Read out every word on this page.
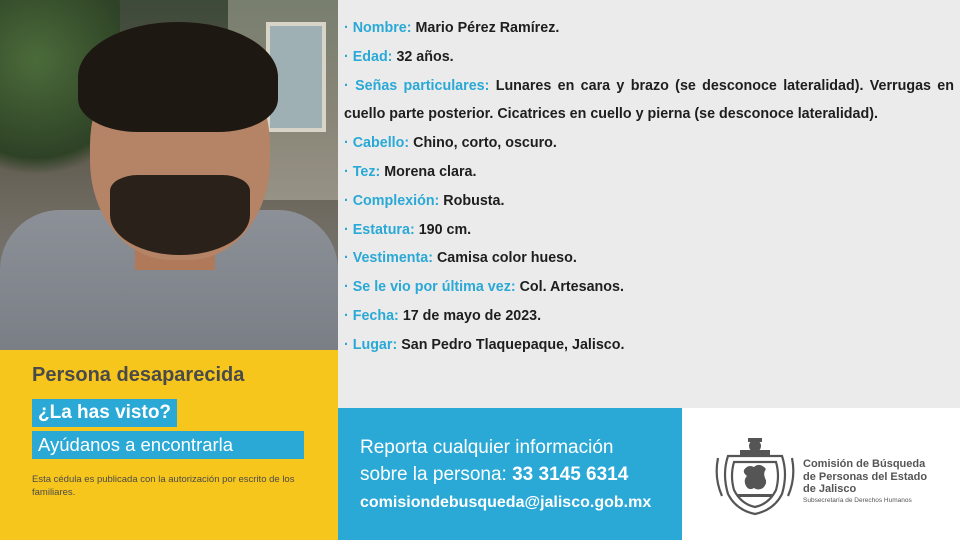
· Nombre: Mario Pérez Ramírez.
· Edad: 32 años.
· Señas particulares: Lunares en cara y brazo (se desconoce lateralidad). Verrugas en cuello parte posterior. Cicatrices en cuello y pierna (se desconoce lateralidad).
· Cabello: Chino, corto, oscuro.
· Tez: Morena clara.
· Complexión: Robusta.
· Estatura: 190 cm.
· Vestimenta: Camisa color hueso.
· Se le vio por última vez: Col. Artesanos.
· Fecha: 17 de mayo de 2023.
· Lugar: San Pedro Tlaquepaque, Jalisco.
Persona desaparecida
¿La has visto?
Ayúdanos a encontrarla
Esta cédula es publicada con la autorización por escrito de los familiares.
Reporta cualquier información
sobre la persona: 33 3145 6314
comisiondebusqueda@jalisco.gob.mx
Comisión de Búsqueda
de Personas del Estado
de Jalisco
Subsecretaría de Derechos Humanos
